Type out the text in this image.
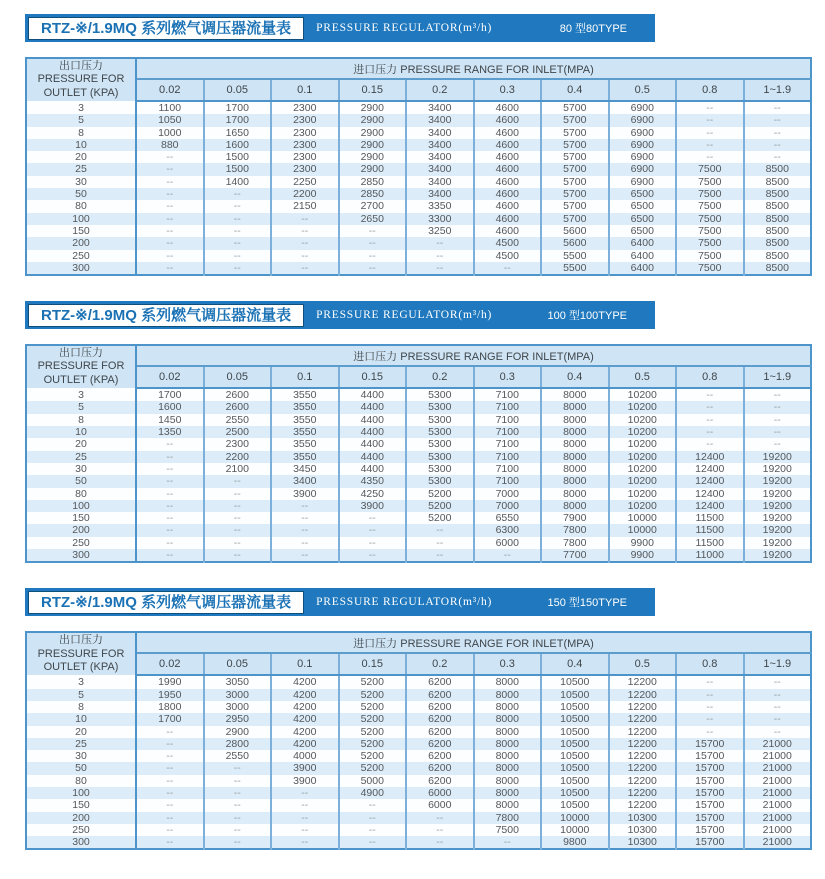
RTZ-※/1.9MQ 系列燃气调压器流量表	PRESSURE REGULATOR(m³/h)	80 型80TYPE
出口压力
PRESSURE FOR
OUTLET (KPA)	进口压力 PRESSURE RANGE FOR INLET(MPA)									
	0.02	0.05	0.1	0.15	0.2	0.3	0.4	0.5	0.8	1~1.9
3	1100	1700	2300	2900	3400	4600	5700	6900	--	--
5	1050	1700	2300	2900	3400	4600	5700	6900	--	--
8	1000	1650	2300	2900	3400	4600	5700	6900	--	--
10	880	1600	2300	2900	3400	4600	5700	6900	--	--
20	--	1500	2300	2900	3400	4600	5700	6900	--	--
25	--	1500	2300	2900	3400	4600	5700	6900	7500	8500
30	--	1400	2250	2850	3400	4600	5700	6900	7500	8500
50	--	--	2200	2850	3400	4600	5700	6500	7500	8500
80	--	--	2150	2700	3350	4600	5700	6500	7500	8500
100	--	--	--	2650	3300	4600	5700	6500	7500	8500
150	--	--	--	--	3250	4600	5600	6500	7500	8500
200	--	--	--	--	--	4500	5600	6400	7500	8500
250	--	--	--	--	--	4500	5500	6400	7500	8500
300	--	--	--	--	--	--	5500	6400	7500	8500
RTZ-※/1.9MQ 系列燃气调压器流量表	PRESSURE REGULATOR(m³/h)	100 型100TYPE
出口压力
PRESSURE FOR
OUTLET (KPA)	进口压力 PRESSURE RANGE FOR INLET(MPA)									
	0.02	0.05	0.1	0.15	0.2	0.3	0.4	0.5	0.8	1~1.9
3	1700	2600	3550	4400	5300	7100	8000	10200	--	--
5	1600	2600	3550	4400	5300	7100	8000	10200	--	--
8	1450	2550	3550	4400	5300	7100	8000	10200	--	--
10	1350	2500	3550	4400	5300	7100	8000	10200	--	--
20	--	2300	3550	4400	5300	7100	8000	10200	--	--
25	--	2200	3550	4400	5300	7100	8000	10200	12400	19200
30	--	2100	3450	4400	5300	7100	8000	10200	12400	19200
50	--	--	3400	4350	5300	7100	8000	10200	12400	19200
80	--	--	3900	4250	5200	7000	8000	10200	12400	19200
100	--	--	--	3900	5200	7000	8000	10200	12400	19200
150	--	--	--	--	5200	6550	7900	10000	11500	19200
200	--	--	--	--	--	6300	7800	10000	11500	19200
250	--	--	--	--	--	6000	7800	9900	11500	19200
300	--	--	--	--	--	--	7700	9900	11000	19200
RTZ-※/1.9MQ 系列燃气调压器流量表	PRESSURE REGULATOR(m³/h)	150 型150TYPE
出口压力
PRESSURE FOR
OUTLET (KPA)	进口压力 PRESSURE RANGE FOR INLET(MPA)									
	0.02	0.05	0.1	0.15	0.2	0.3	0.4	0.5	0.8	1~1.9
3	1990	3050	4200	5200	6200	8000	10500	12200	--	--
5	1950	3000	4200	5200	6200	8000	10500	12200	--	--
8	1800	3000	4200	5200	6200	8000	10500	12200	--	--
10	1700	2950	4200	5200	6200	8000	10500	12200	--	--
20	--	2900	4200	5200	6200	8000	10500	12200	--	--
25	--	2800	4200	5200	6200	8000	10500	12200	15700	21000
30	--	2550	4000	5200	6200	8000	10500	12200	15700	21000
50	--	--	3900	5200	6200	8000	10500	12200	15700	21000
80	--	--	3900	5000	6200	8000	10500	12200	15700	21000
100	--	--	--	4900	6000	8000	10500	12200	15700	21000
150	--	--	--	--	6000	8000	10500	12200	15700	21000
200	--	--	--	--	--	7800	10000	10300	15700	21000
250	--	--	--	--	--	7500	10000	10300	15700	21000
300	--	--	--	--	--	--	9800	10300	15700	21000
